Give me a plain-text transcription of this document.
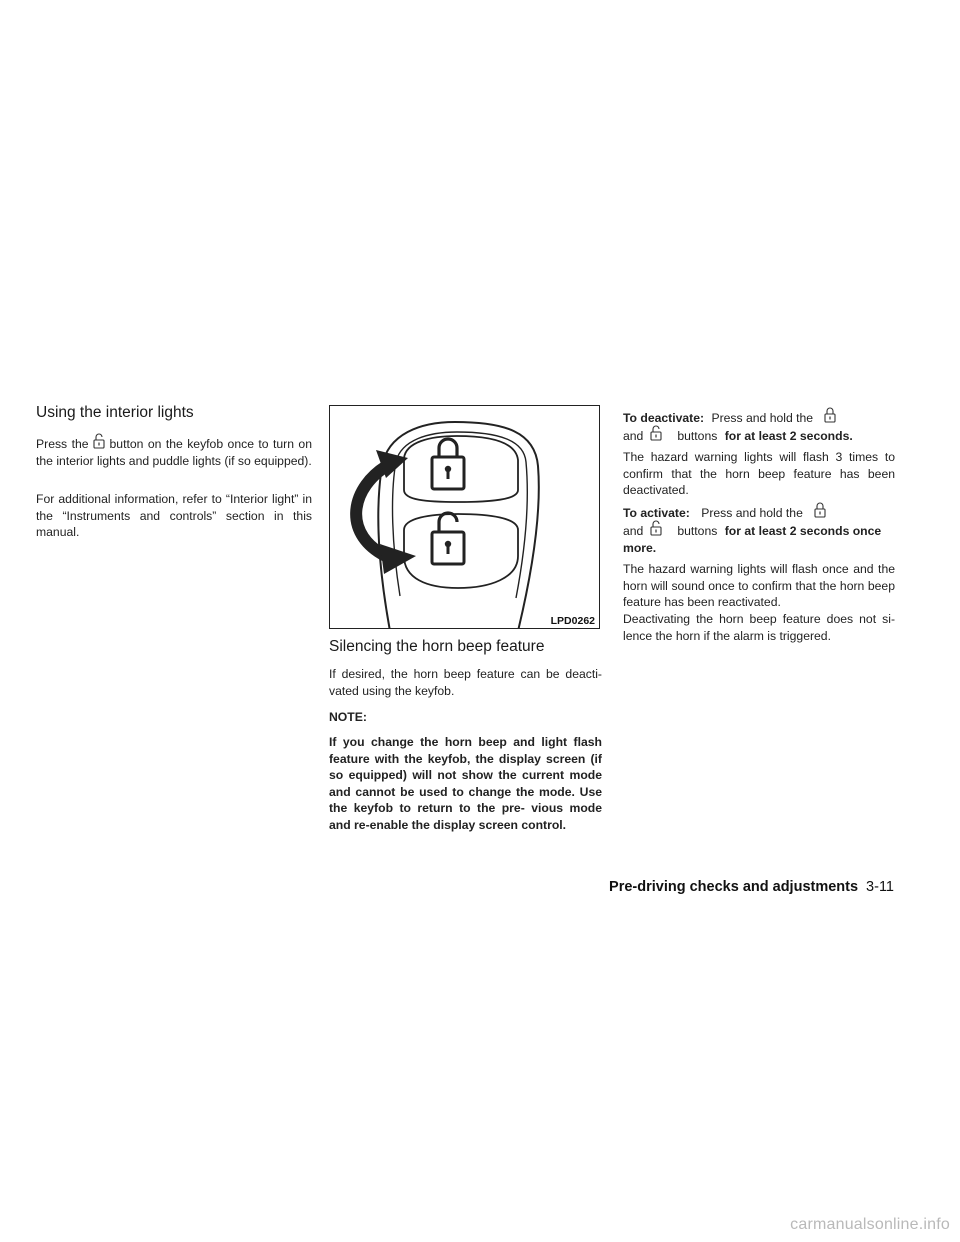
Using the interior lights

Press the button on the keyfob once to turn on the interior lights and puddle lights (if so equipped).

For additional information, refer to “Interior light” in the “Instruments and controls” section in this manual.

LPD0262
Silencing the horn beep feature

If desired, the horn beep feature can be deacti- vated using the keyfob.

NOTE:

If you change the horn beep and light flash feature with the keyfob, the display screen (if so equipped) will not show the current mode and cannot be used to change the mode. Use the keyfob to return to the pre- vious mode and re-enable the display screen control.

To deactivate: Press and hold the

and	buttons for at least 2 seconds.

The hazard warning lights will flash 3 times to confirm that the horn beep feature has been deactivated.

To activate: Press and hold the

and	buttons for at least 2 seconds once more.

The hazard warning lights will flash once and the horn will sound once to confirm that the horn beep feature has been reactivated.

Deactivating the horn beep feature does not si- lence the horn if the alarm is triggered.

Pre-driving checks and adjustments 3-11
carmanualsonline.info
